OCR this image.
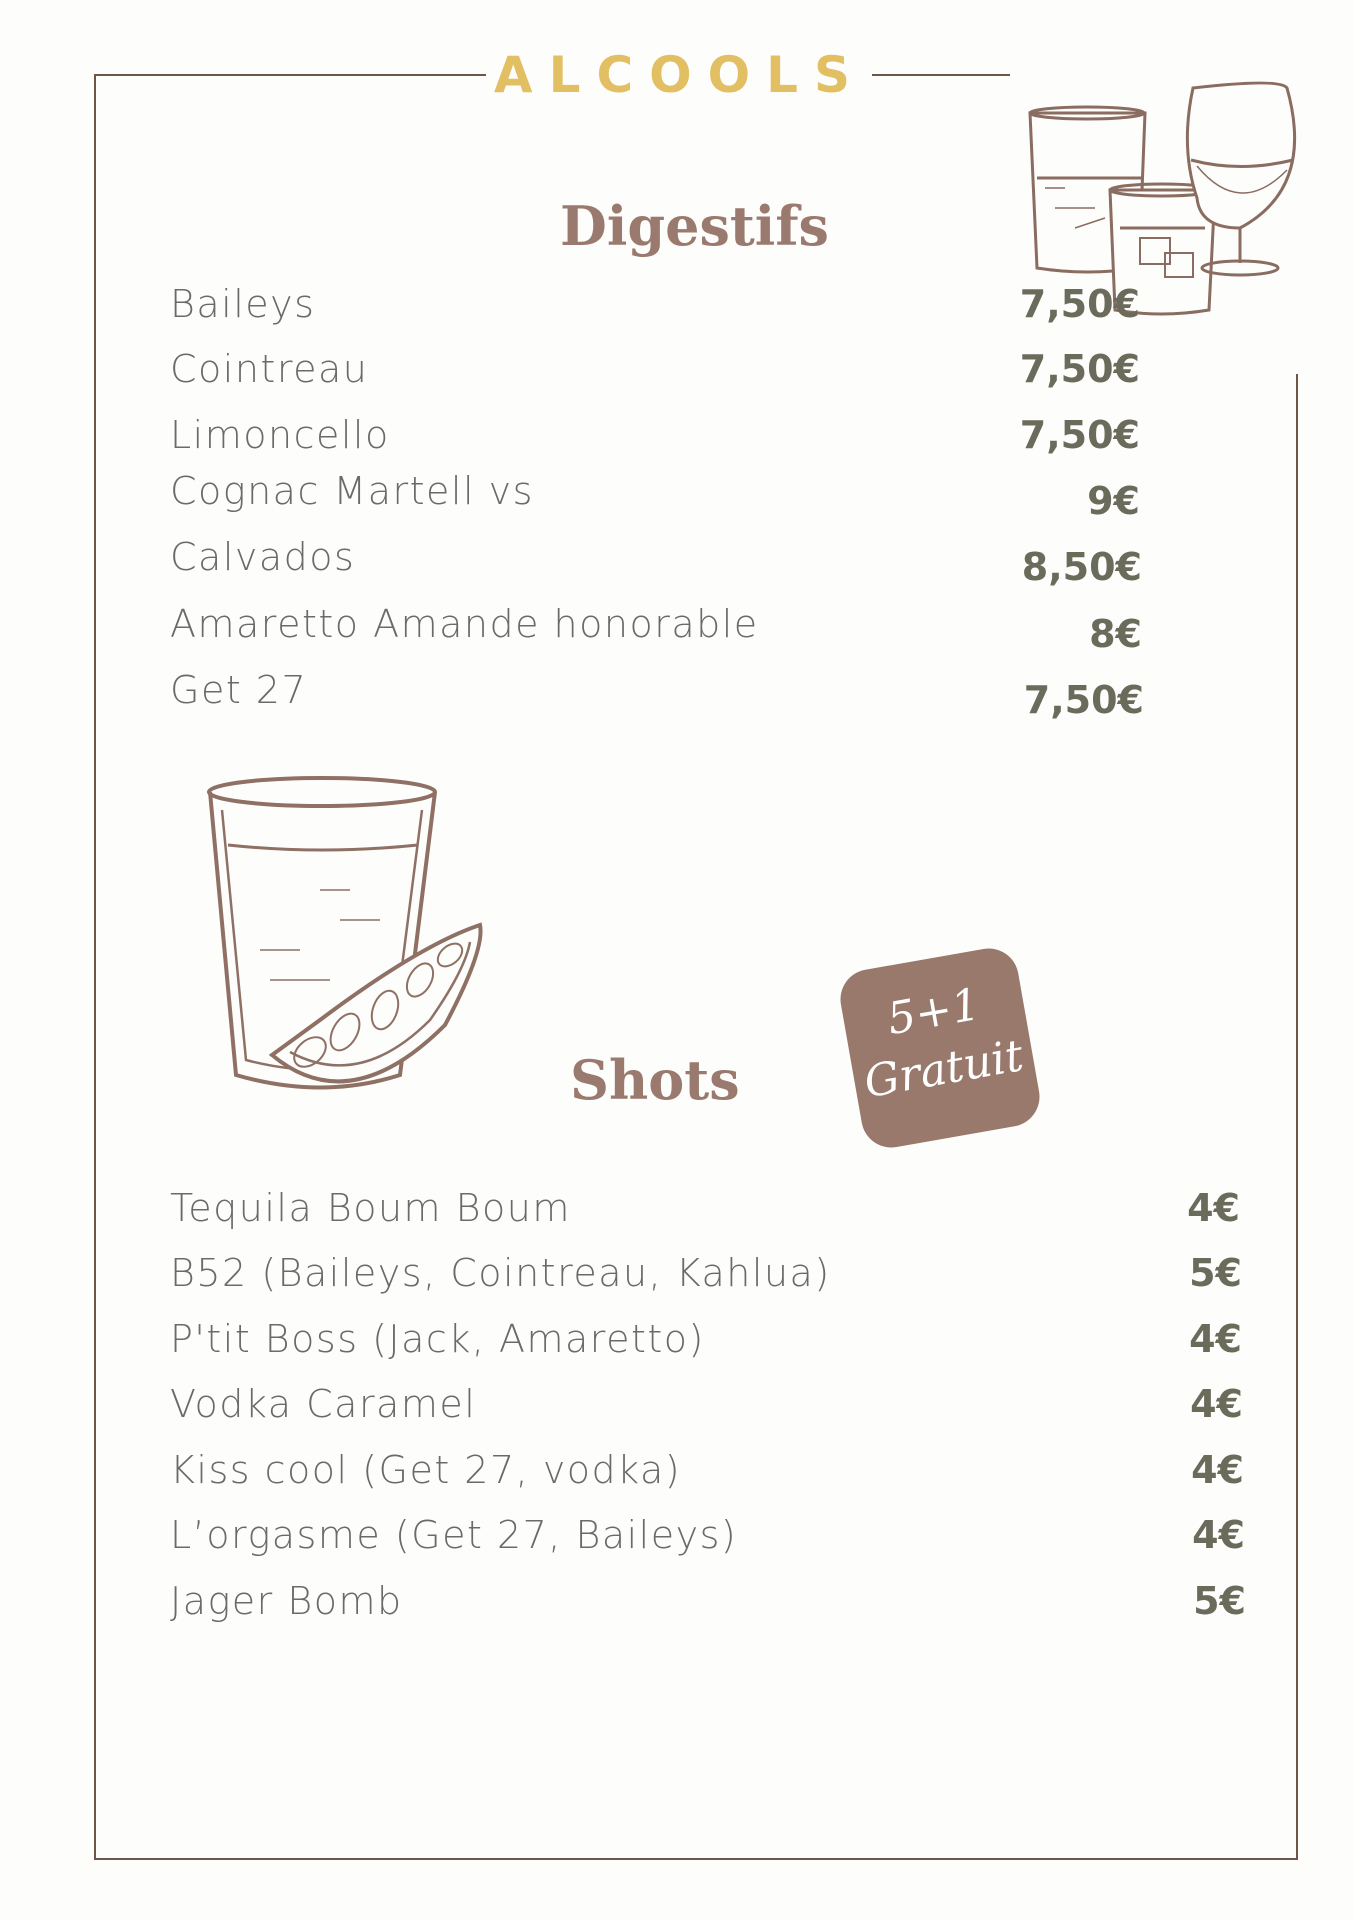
ALCOOLS
Digestifs
Baileys	7,50€
Cointreau	7,50€
Limoncello	7,50€
Cognac Martell vs	9€
Calvados	8,50€
Amaretto Amande honorable	8€
Get 27	7,50€
Shots
5+1
Gratuit
Tequila Boum Boum	4€
B52 (Baileys, Cointreau, Kahlua)	5€
P'tit Boss (Jack, Amaretto)	4€
Vodka Caramel	4€
Kiss cool (Get 27, vodka)	4€
L’orgasme (Get 27, Baileys)	4€
Jager Bomb	5€
